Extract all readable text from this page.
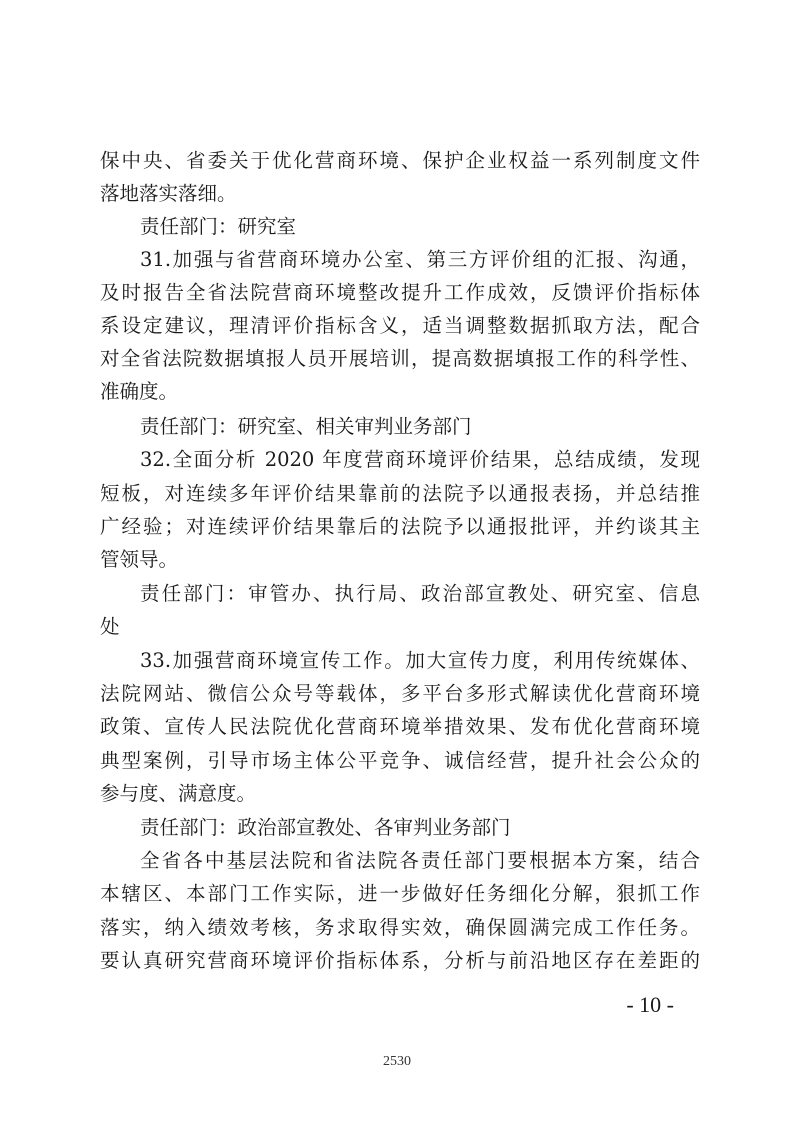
保中央、省委关于优化营商环境、保护企业权益一系列制度文件
落地落实落细。
责任部门：研究室
31.加强与省营商环境办公室、第三方评价组的汇报、沟通，
及时报告全省法院营商环境整改提升工作成效，反馈评价指标体
系设定建议，理清评价指标含义，适当调整数据抓取方法，配合
对全省法院数据填报人员开展培训，提高数据填报工作的科学性、
准确度。
责任部门：研究室、相关审判业务部门
32.全面分析 2020 年度营商环境评价结果，总结成绩，发现
短板，对连续多年评价结果靠前的法院予以通报表扬，并总结推
广经验；对连续评价结果靠后的法院予以通报批评，并约谈其主
管领导。
责任部门：审管办、执行局、政治部宣教处、研究室、信息
处
33.加强营商环境宣传工作。加大宣传力度，利用传统媒体、
法院网站、微信公众号等载体，多平台多形式解读优化营商环境
政策、宣传人民法院优化营商环境举措效果、发布优化营商环境
典型案例，引导市场主体公平竞争、诚信经营，提升社会公众的
参与度、满意度。
责任部门：政治部宣教处、各审判业务部门
全省各中基层法院和省法院各责任部门要根据本方案，结合
本辖区、本部门工作实际，进一步做好任务细化分解，狠抓工作
落实，纳入绩效考核，务求取得实效，确保圆满完成工作任务。
要认真研究营商环境评价指标体系，分析与前沿地区存在差距的
- 10 -
2530
